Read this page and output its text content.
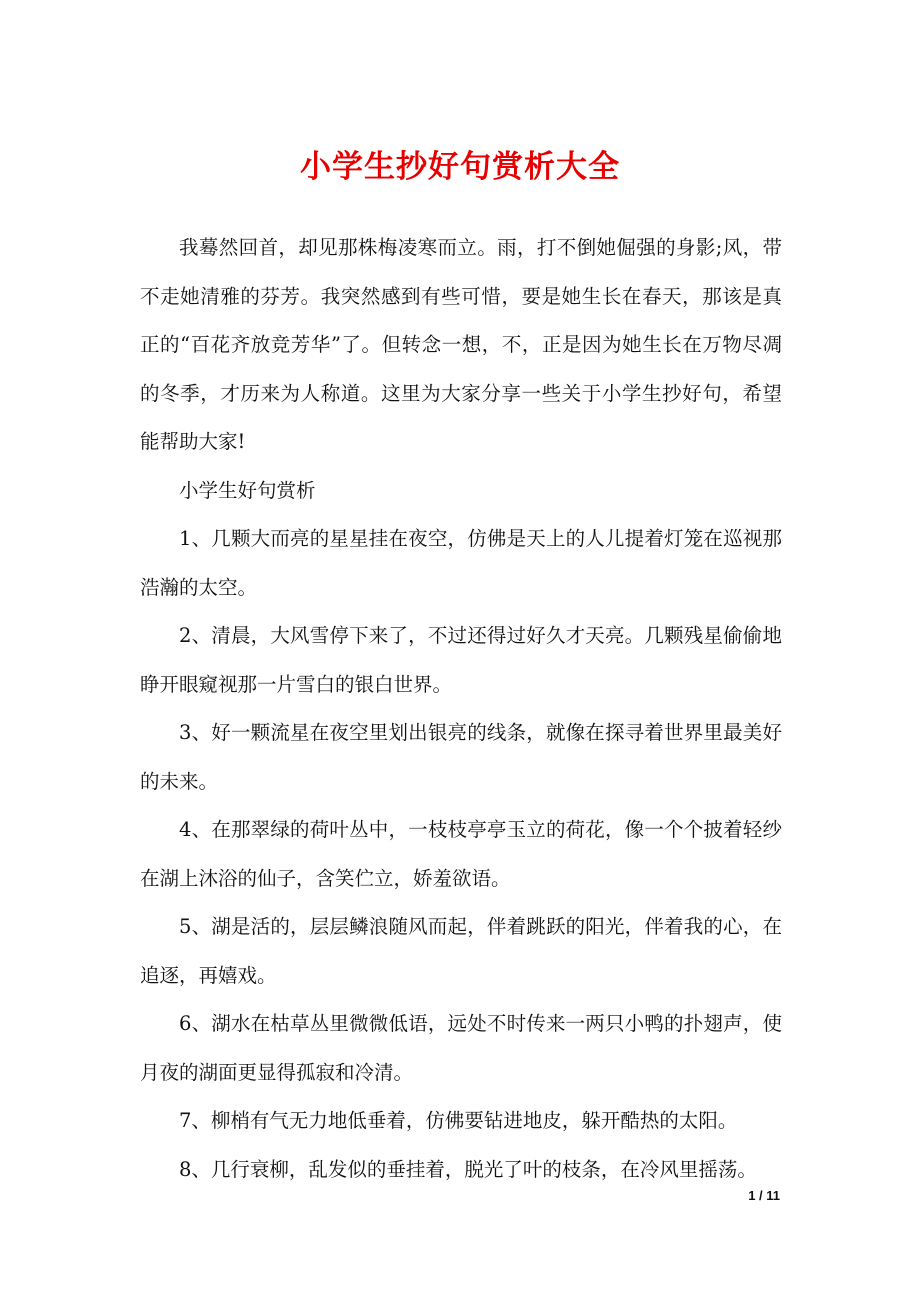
小学生抄好句赏析大全

我蓦然回首，却见那株梅凌寒而立。雨，打不倒她倔强的身影;风，带不走她清雅的芬芳。我突然感到有些可惜，要是她生长在春天，那该是真正的“百花齐放竞芳华”了。但转念一想，不，正是因为她生长在万物尽凋的冬季，才历来为人称道。这里为大家分享一些关于小学生抄好句，希望能帮助大家!

小学生好句赏析

1、几颗大而亮的星星挂在夜空，仿佛是天上的人儿提着灯笼在巡视那浩瀚的太空。

2、清晨，大风雪停下来了，不过还得过好久才天亮。几颗残星偷偷地睁开眼窥视那一片雪白的银白世界。

3、好一颗流星在夜空里划出银亮的线条，就像在探寻着世界里最美好的未来。

4、在那翠绿的荷叶丛中，一枝枝亭亭玉立的荷花，像一个个披着轻纱在湖上沐浴的仙子，含笑伫立，娇羞欲语。

5、湖是活的，层层鳞浪随风而起，伴着跳跃的阳光，伴着我的心，在追逐，再嬉戏。

6、湖水在枯草丛里微微低语，远处不时传来一两只小鸭的扑翅声，使月夜的湖面更显得孤寂和冷清。

7、柳梢有气无力地低垂着，仿佛要钻进地皮，躲开酷热的太阳。

8、几行衰柳，乱发似的垂挂着，脱光了叶的枝条，在冷风里摇荡。

1 / 11
